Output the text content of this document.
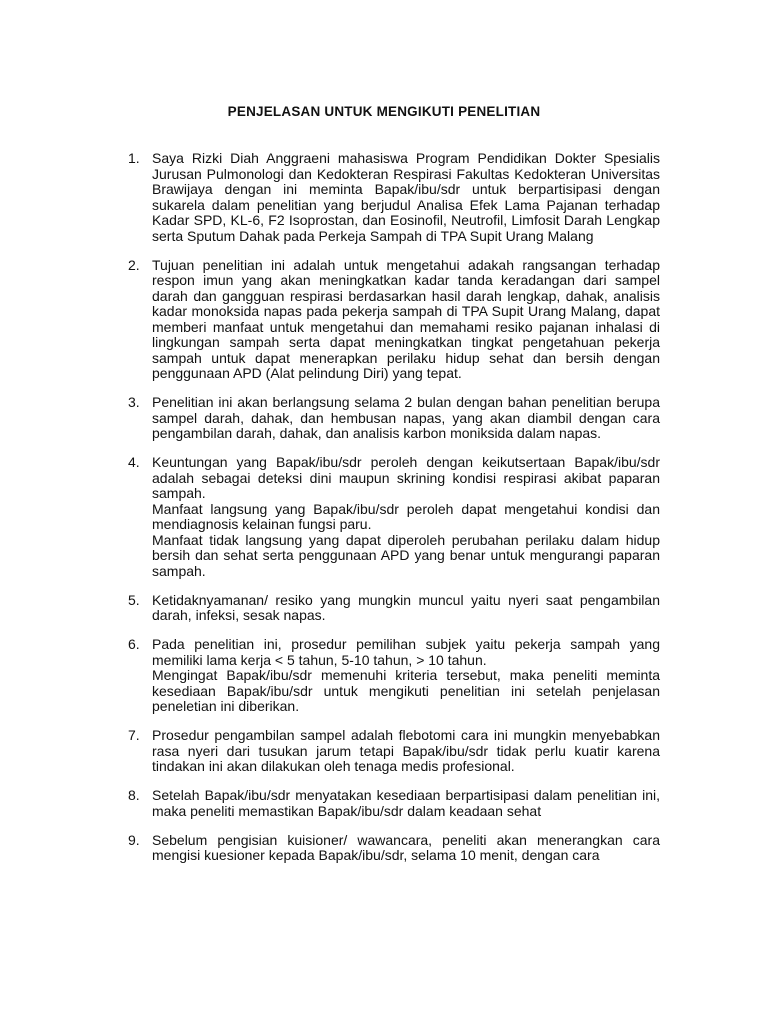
PENJELASAN UNTUK MENGIKUTI PENELITIAN
1. Saya Rizki Diah Anggraeni mahasiswa Program Pendidikan Dokter Spesialis Jurusan Pulmonologi dan Kedokteran Respirasi Fakultas Kedokteran Universitas Brawijaya dengan ini meminta Bapak/ibu/sdr untuk berpartisipasi dengan sukarela dalam penelitian yang berjudul Analisa Efek Lama Pajanan terhadap Kadar SPD, KL-6, F2 Isoprostan, dan Eosinofil, Neutrofil, Limfosit Darah Lengkap serta Sputum Dahak pada Perkeja Sampah di TPA Supit Urang Malang
2. Tujuan penelitian ini adalah untuk mengetahui adakah rangsangan terhadap respon imun yang akan meningkatkan kadar tanda keradangan dari sampel darah dan gangguan respirasi berdasarkan hasil darah lengkap, dahak, analisis kadar monoksida napas pada pekerja sampah di TPA Supit Urang Malang, dapat memberi manfaat untuk mengetahui dan memahami resiko pajanan inhalasi di lingkungan sampah serta dapat meningkatkan tingkat pengetahuan pekerja sampah untuk dapat menerapkan perilaku hidup sehat dan bersih dengan penggunaan APD (Alat pelindung Diri) yang tepat.
3. Penelitian ini akan berlangsung selama 2 bulan dengan bahan penelitian berupa sampel darah, dahak, dan hembusan napas, yang akan diambil dengan cara pengambilan darah, dahak, dan analisis karbon moniksida dalam napas.
4. Keuntungan yang Bapak/ibu/sdr peroleh dengan keikutsertaan Bapak/ibu/sdr adalah sebagai deteksi dini maupun skrining kondisi respirasi akibat paparan sampah.
Manfaat langsung yang Bapak/ibu/sdr peroleh dapat mengetahui kondisi dan mendiagnosis kelainan fungsi paru.
Manfaat tidak langsung yang dapat diperoleh perubahan perilaku dalam hidup bersih dan sehat serta penggunaan APD yang benar untuk mengurangi paparan sampah.
5. Ketidaknyamanan/ resiko yang mungkin muncul yaitu nyeri saat pengambilan darah, infeksi, sesak napas.
6. Pada penelitian ini, prosedur pemilihan subjek yaitu pekerja sampah yang memiliki lama kerja < 5 tahun, 5-10 tahun, > 10 tahun.
Mengingat Bapak/ibu/sdr memenuhi kriteria tersebut, maka peneliti meminta kesediaan Bapak/ibu/sdr untuk mengikuti penelitian ini setelah penjelasan peneletian ini diberikan.
7. Prosedur pengambilan sampel adalah flebotomi cara ini mungkin menyebabkan rasa nyeri dari tusukan jarum tetapi Bapak/ibu/sdr tidak perlu kuatir karena tindakan ini akan dilakukan oleh tenaga medis profesional.
8. Setelah Bapak/ibu/sdr menyatakan kesediaan berpartisipasi dalam penelitian ini, maka peneliti memastikan Bapak/ibu/sdr dalam keadaan sehat
9. Sebelum pengisian kuisioner/ wawancara, peneliti akan menerangkan cara mengisi kuesioner kepada Bapak/ibu/sdr, selama 10 menit, dengan cara
